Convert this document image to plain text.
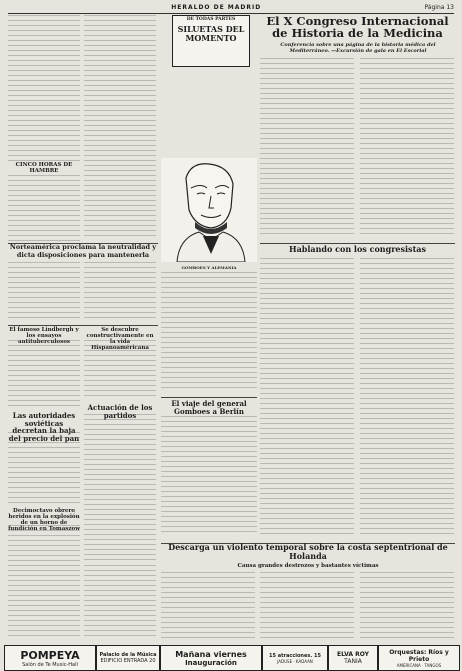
HERALDO DE MADRID	Página 13
CINCO HORAS DE HAMBRE
DE TODAS PARTES
SILUETAS DEL MOMENTO
GOMBOES Y ALEMANIA
El X Congreso Internacional de Historia de la Medicina
Conferencia sobre una página de la historia médica del Mediterráneo. —Excursión de gala en El Escorial
Norteamérica proclama la neutralidad y dicta disposiciones para mantenerla
El famoso Lindbergh y los ensayos antituberculosos
Se descubre constructivamente en la vida Hispanoaméricana
Actuación de los partidos
Las autoridades soviéticas decretan la baja del precio del pan
Decimoctavo obrero heridos en la explosión de un horno de fundición en Tomaszow
El viaje del general Gomboes a Berlín
Hablando con los congresistas
Descarga un violento temporal sobre la costa septentrional de Holanda
Causa grandes destrozos y bastantes víctimas
POMPEYA
Salón de Te Music-Hall
Palacio de la Música
EDIFICIO ENTRADA 20
Mañana viernes
Inauguración
15 atracciones. 15
JADUSE · KADAAN
ELVA ROY
TANIA
Orquestas: Ríos y Prieto
AMERICANA · TANGOS
